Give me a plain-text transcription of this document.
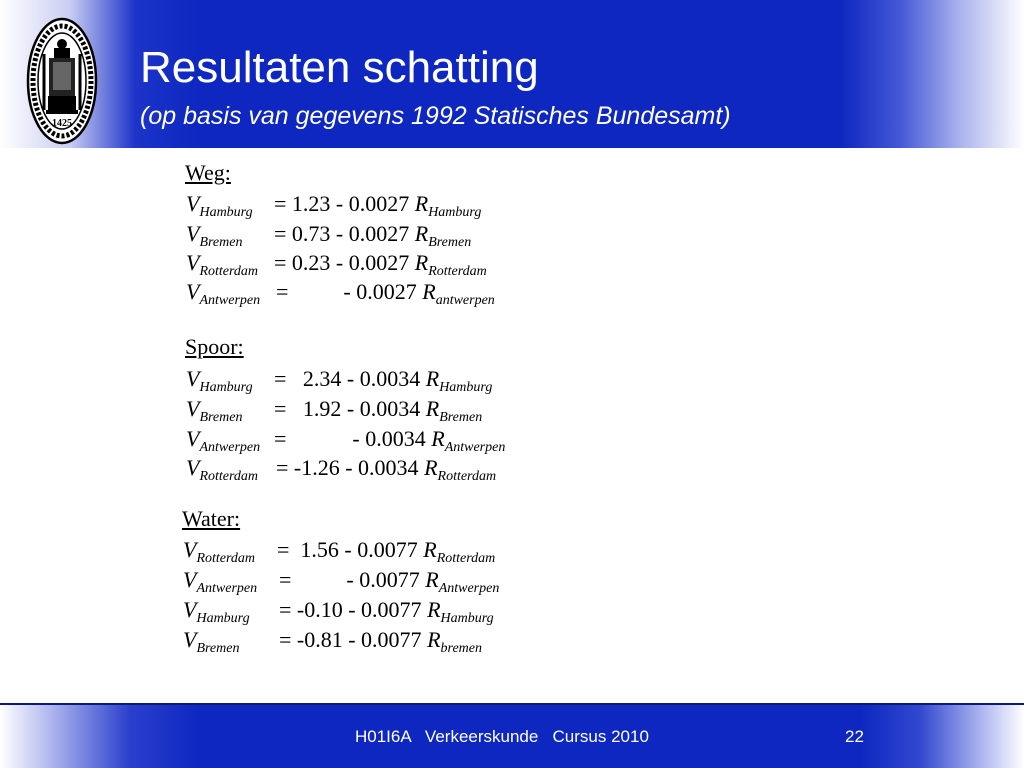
1425
Resultaten schatting
(op basis van gegevens 1992 Statisches Bundesamt)
Weg:
$V_{Hamburg} = 1.23 - 0.0027$ $R_{Hamburg}$
$V_{Bremen} = 0.73 - 0.0027$ $R_{Bremen}$
$V_{Rotterdam} = 0.23 - 0.0027$ $R_{Rotterdam}$
$V_{Antwerpen}$ =          - 0.0027 $R_{antwerpen}$
Spoor:
$V_{Hamburg} = 2.34 - 0.0034$ $R_{Hamburg}$
$V_{Bremen} = 1.92 - 0.0034$ $R_{Bremen}$
$V_{Antwerpen}$ =            - 0.0034 $R_{Antwerpen}$
$V_{Rotterdam} = -1.26 - 0.0034$ $R_{Rotterdam}$
Water:
$V_{Rotterdam} = 1.56 - 0.0077$ $R_{Rotterdam}$
$V_{Antwerpen}$ =          - 0.0077 $R_{Antwerpen}$
$V_{Hamburg} = -0.10 - 0.0077$ $R_{Hamburg}$
$V_{Bremen} = -0.81 - 0.0077$ $R_{bremen}$
H01I6A   Verkeerskunde   Cursus 2010	22
